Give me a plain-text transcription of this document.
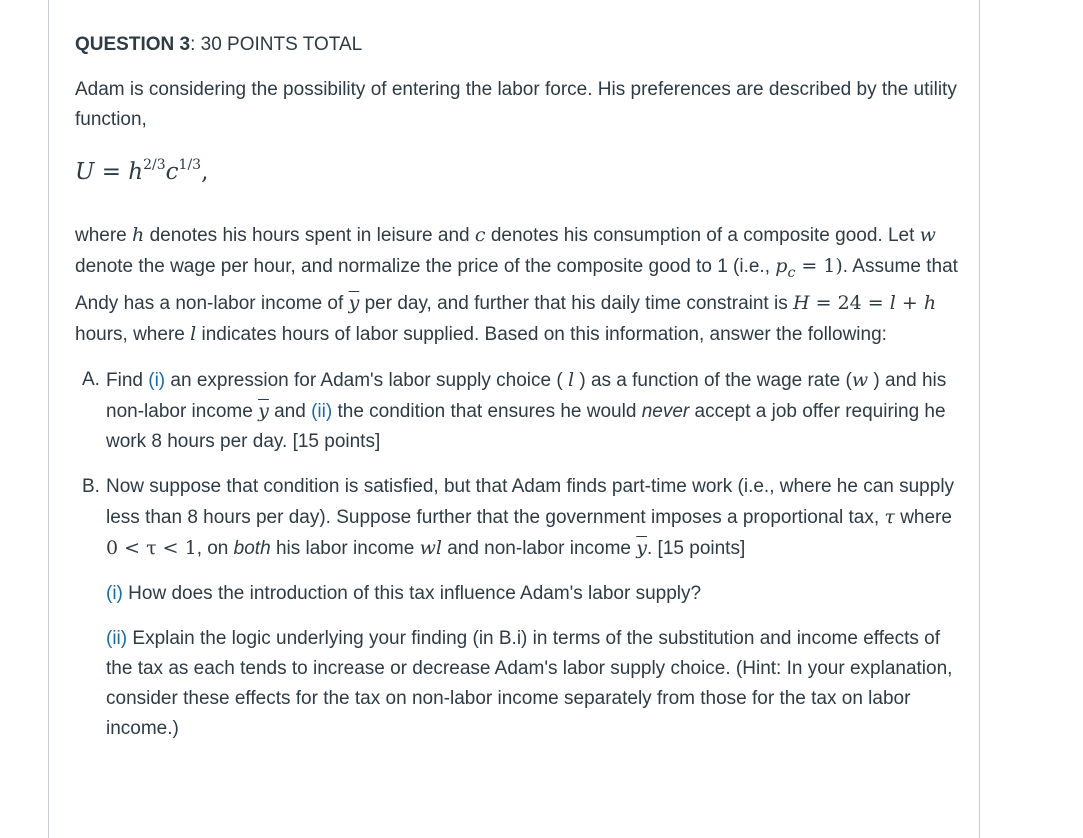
QUESTION 3: 30 POINTS TOTAL

Adam is considering the possibility of entering the labor force. His preferences are described by the utility function,

$U = h^{2/3}c^{1/3}$,

where h denotes his hours spent in leisure and c denotes his consumption of a composite good. Let w denote the wage per hour, and normalize the price of the composite good to 1 (i.e., $p_c = 1$). Assume that Andy has a non-labor income of $\overline{y}$ per day, and further that his daily time constraint is H = 24 = l + h hours, where l indicates hours of labor supplied. Based on this information, answer the following:

A. Find (i) an expression for Adam's labor supply choice ( l ) as a function of the wage rate (w ) and his non-labor income $\overline{y}$ and (ii) the condition that ensures he would never accept a job offer requiring he work 8 hours per day. [15 points]
B. Now suppose that condition is satisfied, but that Adam finds part-time work (i.e., where he can supply less than 8 hours per day). Suppose further that the government imposes a proportional tax, τ where 0 < τ < 1, on both his labor income wl and non-labor income $\overline{y}$. [15 points]

(i) How does the introduction of this tax influence Adam's labor supply?

(ii) Explain the logic underlying your finding (in B.i) in terms of the substitution and income effects of the tax as each tends to increase or decrease Adam's labor supply choice. (Hint: In your explanation, consider these effects for the tax on non-labor income separately from those for the tax on labor income.)
